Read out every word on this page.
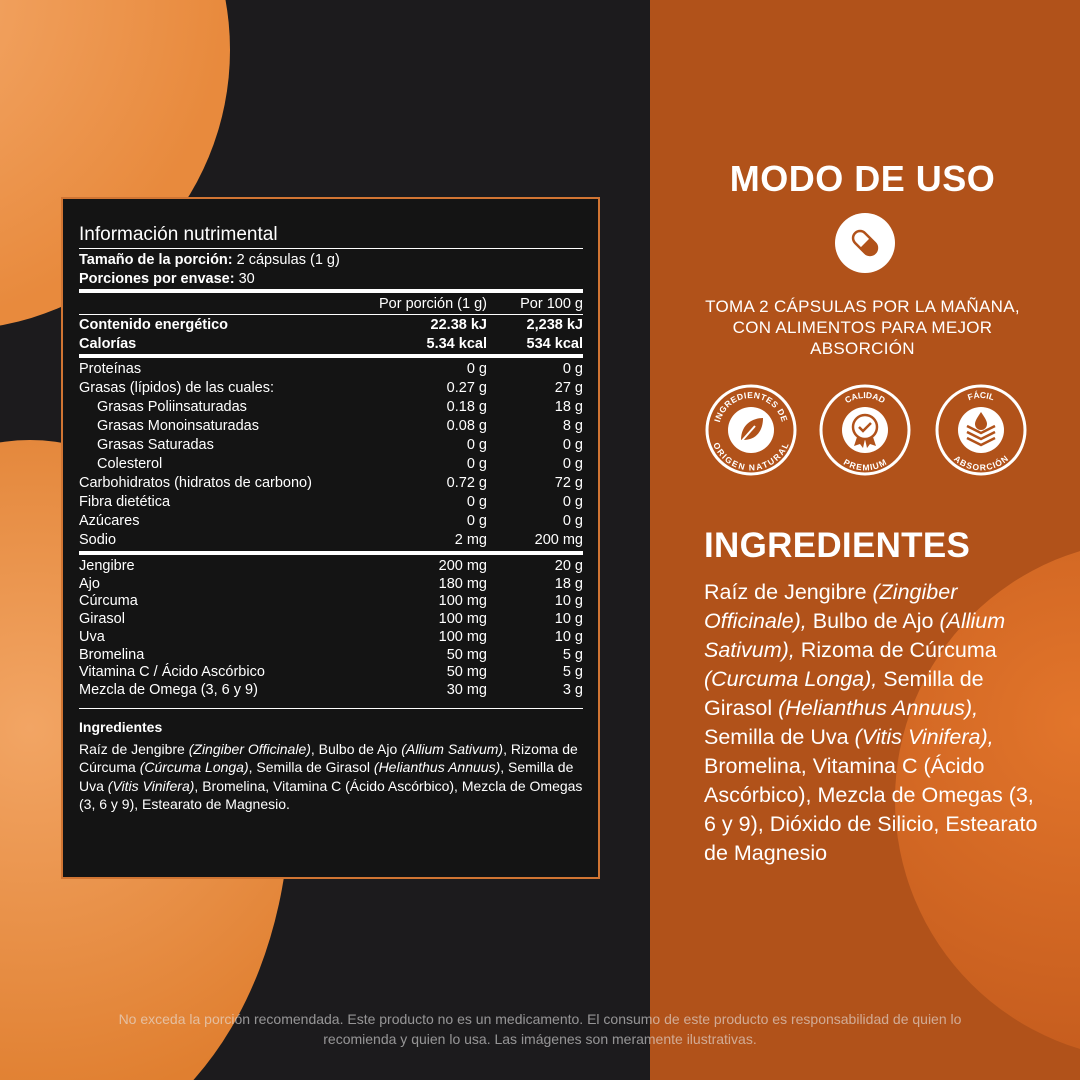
Información nutrimental
Tamaño de la porción: 2 cápsulas (1 g)
Porciones por envase: 30
Por porción (1 g)	Por 100 g
Contenido energético	22.38 kJ	2,238 kJ
Calorías	5.34 kcal	534 kcal
Proteínas	0 g	0 g
Grasas (lípidos) de las cuales:	0.27 g	27 g
Grasas Poliinsaturadas	0.18 g	18 g
Grasas Monoinsaturadas	0.08 g	8 g
Grasas Saturadas	0 g	0 g
Colesterol	0 g	0 g
Carbohidratos (hidratos de carbono)	0.72 g	72 g
Fibra dietética	0 g	0 g
Azúcares	0 g	0 g
Sodio	2 mg	200 mg
Jengibre	200 mg	20 g
Ajo	180 mg	18 g
Cúrcuma	100 mg	10 g
Girasol	100 mg	10 g
Uva	100 mg	10 g
Bromelina	50 mg	5 g
Vitamina C / Ácido Ascórbico	50 mg	5 g
Mezcla de Omega (3, 6 y 9)	30 mg	3 g
Ingredientes
Raíz de Jengibre (Zingiber Officinale), Bulbo de Ajo (Allium Sativum), Rizoma de Cúrcuma (Cúrcuma Longa), Semilla de Girasol (Helianthus Annuus), Semilla de Uva (Vitis Vinifera), Bromelina, Vitamina C (Ácido Ascórbico), Mezcla de Omegas (3, 6 y 9), Estearato de Magnesio.
MODO DE USO
TOMA 2 CÁPSULAS POR LA MAÑANA, CON ALIMENTOS PARA MEJOR ABSORCIÓN
INGREDIENTES DE
ORIGEN NATURAL
CALIDAD
PREMIUM
FÁCIL
ABSORCIÓN
INGREDIENTES
Raíz de Jengibre (Zingiber Officinale), Bulbo de Ajo (Allium Sativum), Rizoma de Cúrcuma (Curcuma Longa), Semilla de Girasol (Helianthus Annuus), Semilla de Uva (Vitis Vinifera), Bromelina, Vitamina C (Ácido Ascórbico), Mezcla de Omegas (3, 6 y 9), Dióxido de Silicio, Estearato de Magnesio
No exceda la porción recomendada. Este producto no es un medicamento. El consumo de este producto es responsabilidad de quien lo recomienda y quien lo usa. Las imágenes son meramente ilustrativas.
